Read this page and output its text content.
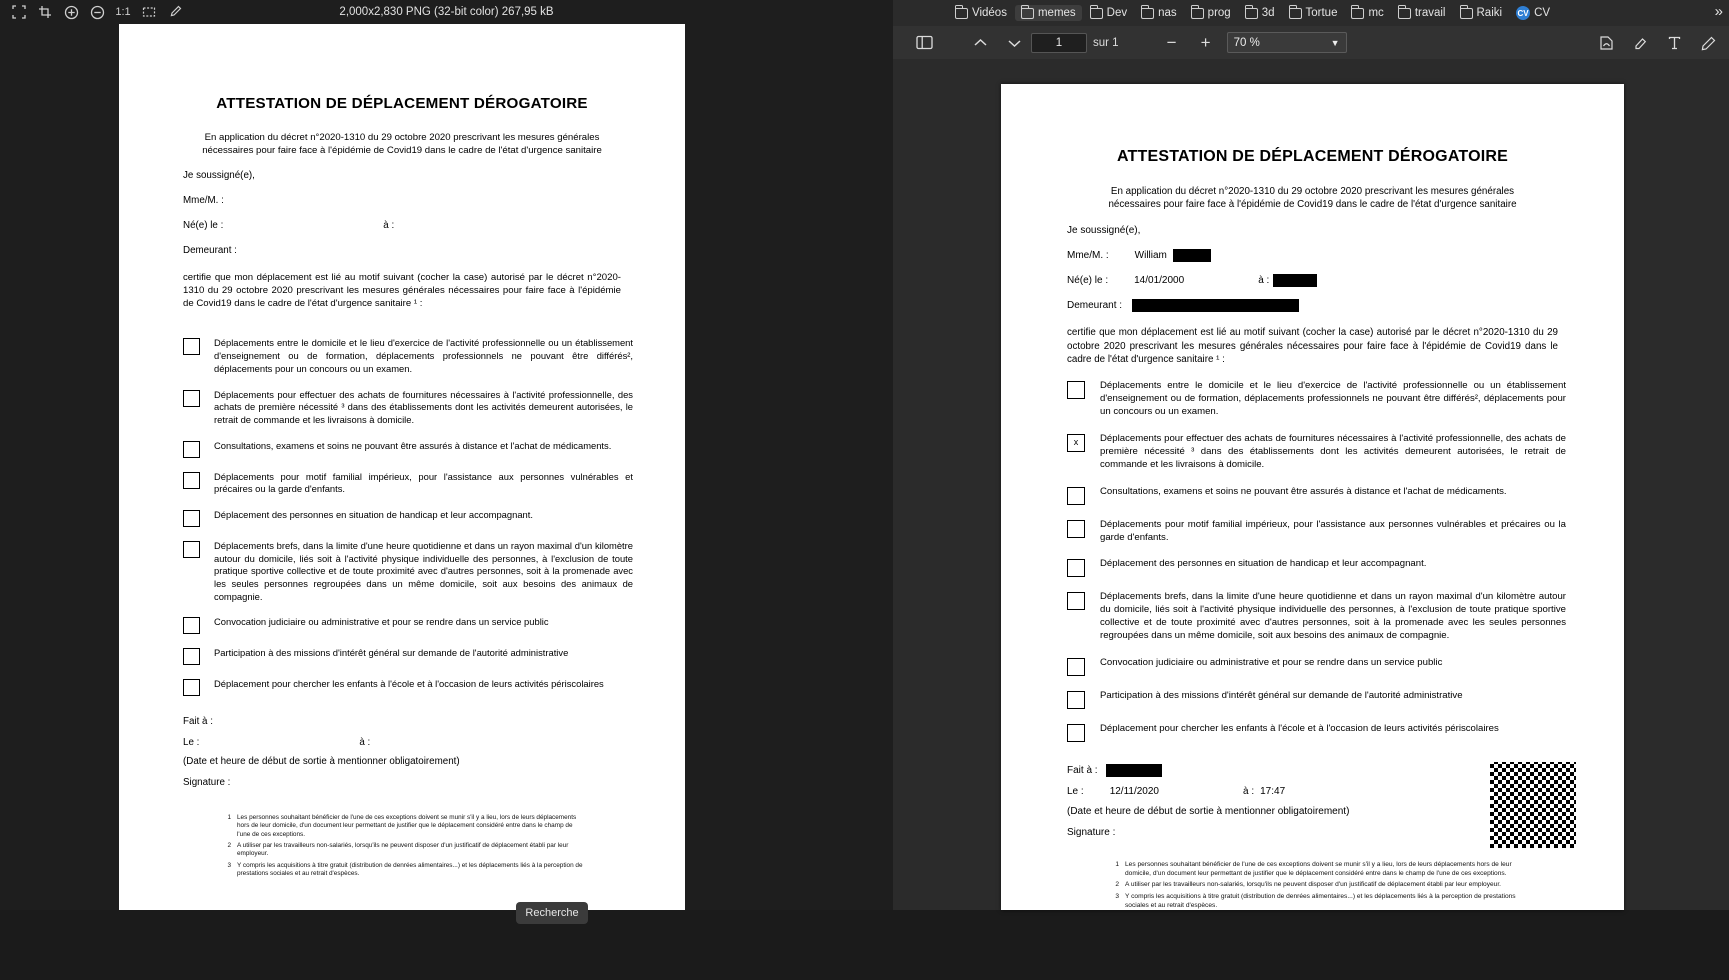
1:1	2,000x2,830 PNG (32-bit color) 267,95 kB
ATTESTATION DE DÉPLACEMENT DÉROGATOIRE
En application du décret n°2020-1310 du 29 octobre 2020 prescrivant les mesures générales
nécessaires pour faire face à l'épidémie de Covid19 dans le cadre de l'état d'urgence sanitaire
Je soussigné(e),
Mme/M. :
Né(e) le :	à :
Demeurant :
certifie que mon déplacement est lié au motif suivant (cocher la case) autorisé par le décret n°2020-1310 du 29 octobre 2020 prescrivant les mesures générales nécessaires pour faire face à l'épidémie de Covid19 dans le cadre de l'état d'urgence sanitaire ¹ :

Déplacements entre le domicile et le lieu d'exercice de l'activité professionnelle ou un établissement d'enseignement ou de formation, déplacements professionnels ne pouvant être différés², déplacements pour un concours ou un examen.

Déplacements pour effectuer des achats de fournitures nécessaires à l'activité professionnelle, des achats de première nécessité ³ dans des établissements dont les activités demeurent autorisées, le retrait de commande et les livraisons à domicile.

Consultations, examens et soins ne pouvant être assurés à distance et l'achat de médicaments.

Déplacements pour motif familial impérieux, pour l'assistance aux personnes vulnérables et précaires ou la garde d'enfants.

Déplacement des personnes en situation de handicap et leur accompagnant.

Déplacements brefs, dans la limite d'une heure quotidienne et dans un rayon maximal d'un kilomètre autour du domicile, liés soit à l'activité physique individuelle des personnes, à l'exclusion de toute pratique sportive collective et de toute proximité avec d'autres personnes, soit à la promenade avec les seules personnes regroupées dans un même domicile, soit aux besoins des animaux de compagnie.

Convocation judiciaire ou administrative et pour se rendre dans un service public

Participation à des missions d'intérêt général sur demande de l'autorité administrative

Déplacement pour chercher les enfants à l'école et à l'occasion de leurs activités périscolaires

Fait à :
Le :	à :
(Date et heure de début de sortie à mentionner obligatoirement)
Signature :
1 Les personnes souhaitant bénéficier de l'une de ces exceptions doivent se munir s'il y a lieu, lors de leurs déplacements hors de leur domicile, d'un document leur permettant de justifier que le déplacement considéré entre dans le champ de l'une de ces exceptions.
2 A utiliser par les travailleurs non-salariés, lorsqu'ils ne peuvent disposer d'un justificatif de déplacement établi par leur employeur.
3 Y compris les acquisitions à titre gratuit (distribution de denrées alimentaires...) et les déplacements liés à la perception de prestations sociales et au retrait d'espèces.
Recherche
Vidéos	memes	Dev	nas	prog	3d	Tortue	mc	travail	Raiki CV CV	»
1
sur 1	−	+	70 %	▼
ATTESTATION DE DÉPLACEMENT DÉROGATOIRE
En application du décret n°2020-1310 du 29 octobre 2020 prescrivant les mesures générales
nécessaires pour faire face à l'épidémie de Covid19 dans le cadre de l'état d'urgence sanitaire
Je soussigné(e),
Mme/M. :	William
Né(e) le :	14/01/2000	à :
Demeurant :
certifie que mon déplacement est lié au motif suivant (cocher la case) autorisé par le décret n°2020-1310 du 29 octobre 2020 prescrivant les mesures générales nécessaires pour faire face à l'épidémie de Covid19 dans le cadre de l'état d'urgence sanitaire ¹ :

Déplacements entre le domicile et le lieu d'exercice de l'activité professionnelle ou un établissement d'enseignement ou de formation, déplacements professionnels ne pouvant être différés², déplacements pour un concours ou un examen.

x	Déplacements pour effectuer des achats de fournitures nécessaires à l'activité professionnelle, des achats de première nécessité ³ dans des établissements dont les activités demeurent autorisées, le retrait de commande et les livraisons à domicile.

Consultations, examens et soins ne pouvant être assurés à distance et l'achat de médicaments.

Déplacements pour motif familial impérieux, pour l'assistance aux personnes vulnérables et précaires ou la garde d'enfants.

Déplacement des personnes en situation de handicap et leur accompagnant.

Déplacements brefs, dans la limite d'une heure quotidienne et dans un rayon maximal d'un kilomètre autour du domicile, liés soit à l'activité physique individuelle des personnes, à l'exclusion de toute pratique sportive collective et de toute proximité avec d'autres personnes, soit à la promenade avec les seules personnes regroupées dans un même domicile, soit aux besoins des animaux de compagnie.

Convocation judiciaire ou administrative et pour se rendre dans un service public

Participation à des missions d'intérêt général sur demande de l'autorité administrative

Déplacement pour chercher les enfants à l'école et à l'occasion de leurs activités périscolaires

Fait à :
Le :	12/11/2020	à : 17:47
(Date et heure de début de sortie à mentionner obligatoirement)
Signature :
1 Les personnes souhaitant bénéficier de l'une de ces exceptions doivent se munir s'il y a lieu, lors de leurs déplacements hors de leur domicile, d'un document leur permettant de justifier que le déplacement considéré entre dans le champ de l'une de ces exceptions.
2 A utiliser par les travailleurs non-salariés, lorsqu'ils ne peuvent disposer d'un justificatif de déplacement établi par leur employeur.
3 Y compris les acquisitions à titre gratuit (distribution de denrées alimentaires...) et les déplacements liés à la perception de prestations sociales et au retrait d'espèces.
